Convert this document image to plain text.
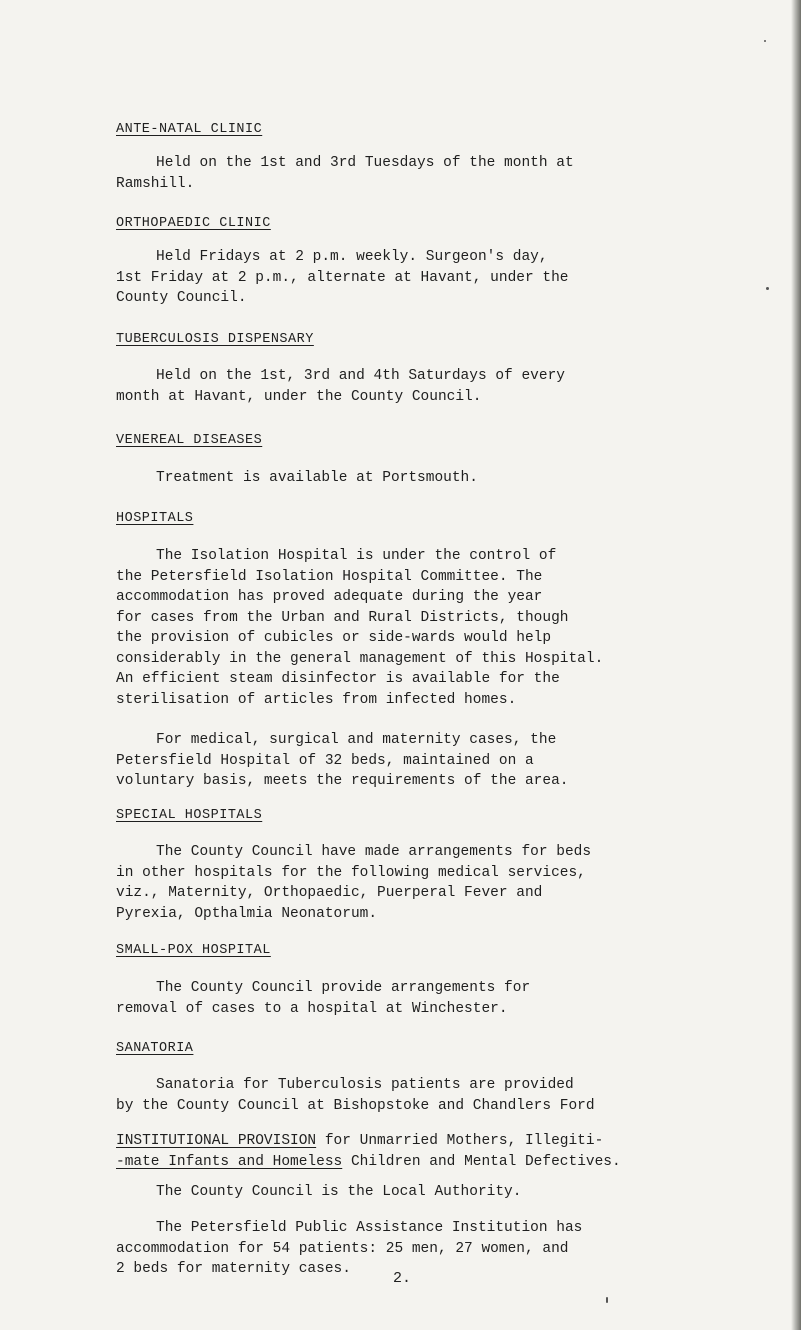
ANTE-NATAL CLINIC

Held on the 1st and 3rd Tuesdays of the month at
Ramshill.

ORTHOPAEDIC CLINIC

Held Fridays at 2 p.m. weekly. Surgeon's day,
1st Friday at 2 p.m., alternate at Havant, under the
County Council.

TUBERCULOSIS DISPENSARY

Held on the 1st, 3rd and 4th Saturdays of every
month at Havant, under the County Council.

VENEREAL DISEASES

Treatment is available at Portsmouth.

HOSPITALS

The Isolation Hospital is under the control of
the Petersfield Isolation Hospital Committee. The
accommodation has proved adequate during the year
for cases from the Urban and Rural Districts, though
the provision of cubicles or side-wards would help
considerably in the general management of this Hospital.
An efficient steam disinfector is available for the
sterilisation of articles from infected homes.
For medical, surgical and maternity cases, the
Petersfield Hospital of 32 beds, maintained on a
voluntary basis, meets the requirements of the area.

SPECIAL HOSPITALS

The County Council have made arrangements for beds
in other hospitals for the following medical services,
viz., Maternity, Orthopaedic, Puerperal Fever and
Pyrexia, Opthalmia Neonatorum.

SMALL-POX HOSPITAL

The County Council provide arrangements for
removal of cases to a hospital at Winchester.

SANATORIA

Sanatoria for Tuberculosis patients are provided
by the County Council at Bishopstoke and Chandlers Ford
INSTITUTIONAL PROVISION for Unmarried Mothers, Illegiti-
-mate Infants and Homeless Children and Mental Defectives.
The County Council is the Local Authority.
The Petersfield Public Assistance Institution has
accommodation for 54 patients: 25 men, 27 women, and
2 beds for maternity cases.
2.
